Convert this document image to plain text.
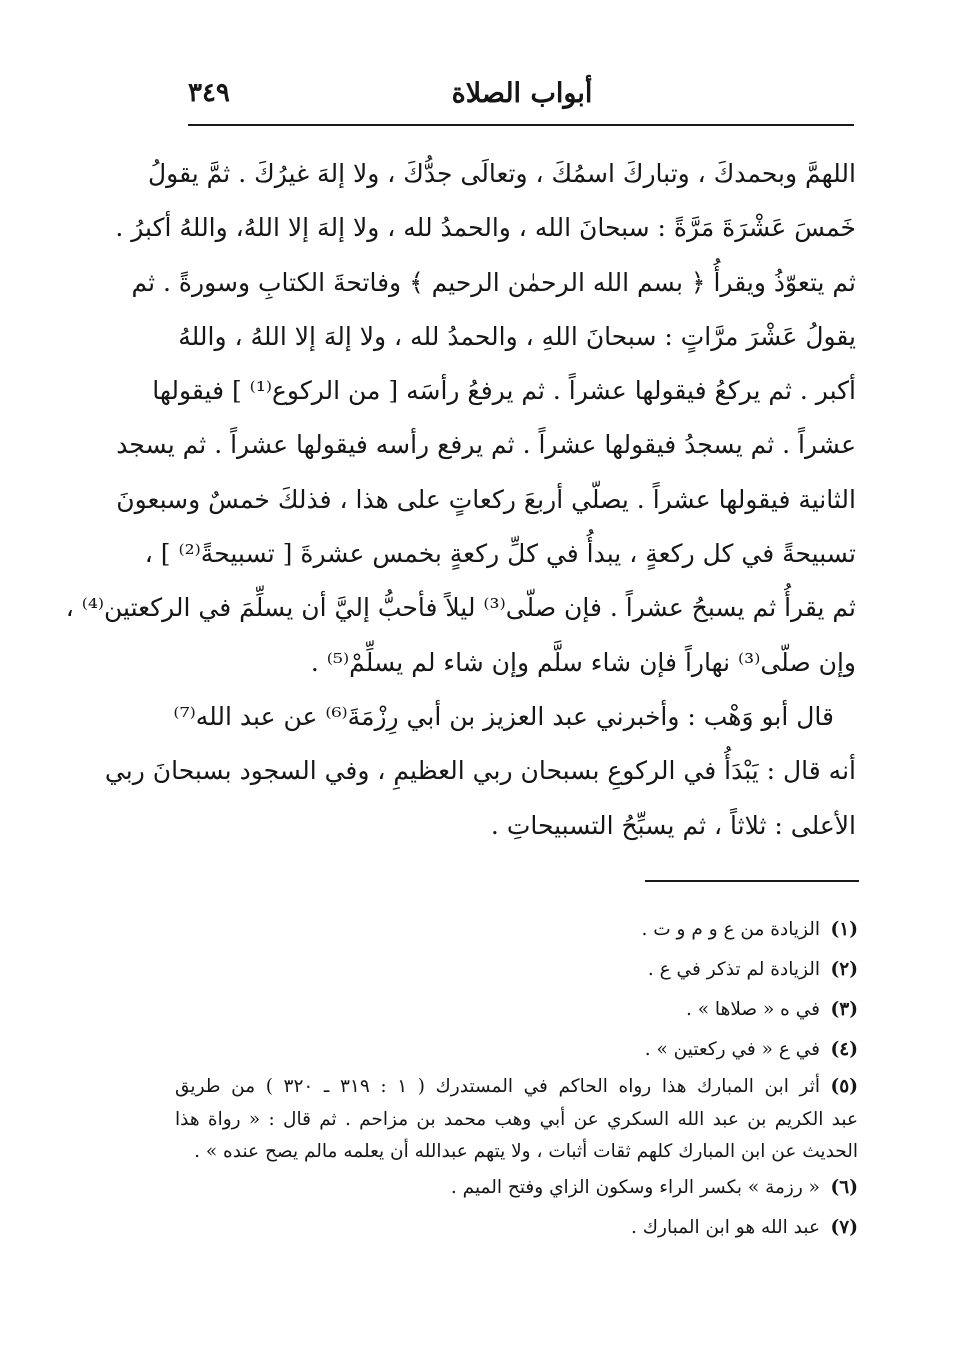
أبواب الصلاة
٣٤٩
اللهمَّ وبحمدكَ ، وتباركَ اسمُكَ ، وتعالَى جدُّكَ ، ولا إلهَ غيرُكَ . ثمَّ يقولُ
خَمسَ عَشْرَةَ مَرَّةً : سبحانَ الله ، والحمدُ لله ، ولا إلهَ إلا اللهُ، واللهُ أكبرُ .
ثم يتعوّذُ ويقرأُ ﴿ بسم الله الرحمٰن الرحيم ﴾ وفاتحةَ الكتابِ وسورةً . ثم
يقولُ عَشْرَ مرَّاتٍ : سبحانَ اللهِ ، والحمدُ لله ، ولا إلهَ إلا اللهُ ، واللهُ
أكبر . ثم يركعُ فيقولها عشراً . ثم يرفعُ رأسَه [ من الركوع⁽¹⁾ ] فيقولها
عشراً . ثم يسجدُ فيقولها عشراً . ثم يرفع رأسه فيقولها عشراً . ثم يسجد
الثانية فيقولها عشراً . يصلّي أربعَ ركعاتٍ على هذا ، فذلكَ خمسٌ وسبعونَ
تسبيحةً في كل ركعةٍ ، يبدأُ في كلِّ ركعةٍ بخمس عشرةَ [ تسبيحةً⁽²⁾ ] ،
ثم يقرأُ ثم يسبحُ عشراً . فإن صلّى⁽³⁾ ليلاً فأحبُّ إليَّ أن يسلِّمَ في الركعتين⁽⁴⁾ ،
وإن صلّى⁽³⁾ نهاراً فإن شاء سلَّم وإن شاء لم يسلِّمْ⁽⁵⁾ .
قال أبو وَهْب : وأخبرني عبد العزيز بن أبي رِزْمَةَ⁽⁶⁾ عن عبد الله⁽⁷⁾
أنه قال : يَبْدَأُ في الركوعِ بسبحان ربي العظيمِ ، وفي السجود بسبحانَ ربي
الأعلى : ثلاثاً ، ثم يسبِّحُ التسبيحاتِ .
(١)
الزيادة من ع و م و ت .
(٢)
الزيادة لم تذكر في ع .
(٣)
في ه « صلاها » .
(٤)
في ع « في ركعتين » .
(٥)
أثر ابن المبارك هذا رواه الحاكم في المستدرك ( ١ : ٣١٩ ـ ٣٢٠ ) من طريق
عبد الكريم بن عبد الله السكري عن أبي وهب محمد بن مزاحم . ثم قال : « رواة هذا
الحديث عن ابن المبارك كلهم ثقات أثبات ، ولا يتهم عبدالله أن يعلمه مالم يصح عنده » .
(٦)
« رزمة » بكسر الراء وسكون الزاي وفتح الميم .
(٧)
عبد الله هو ابن المبارك .
